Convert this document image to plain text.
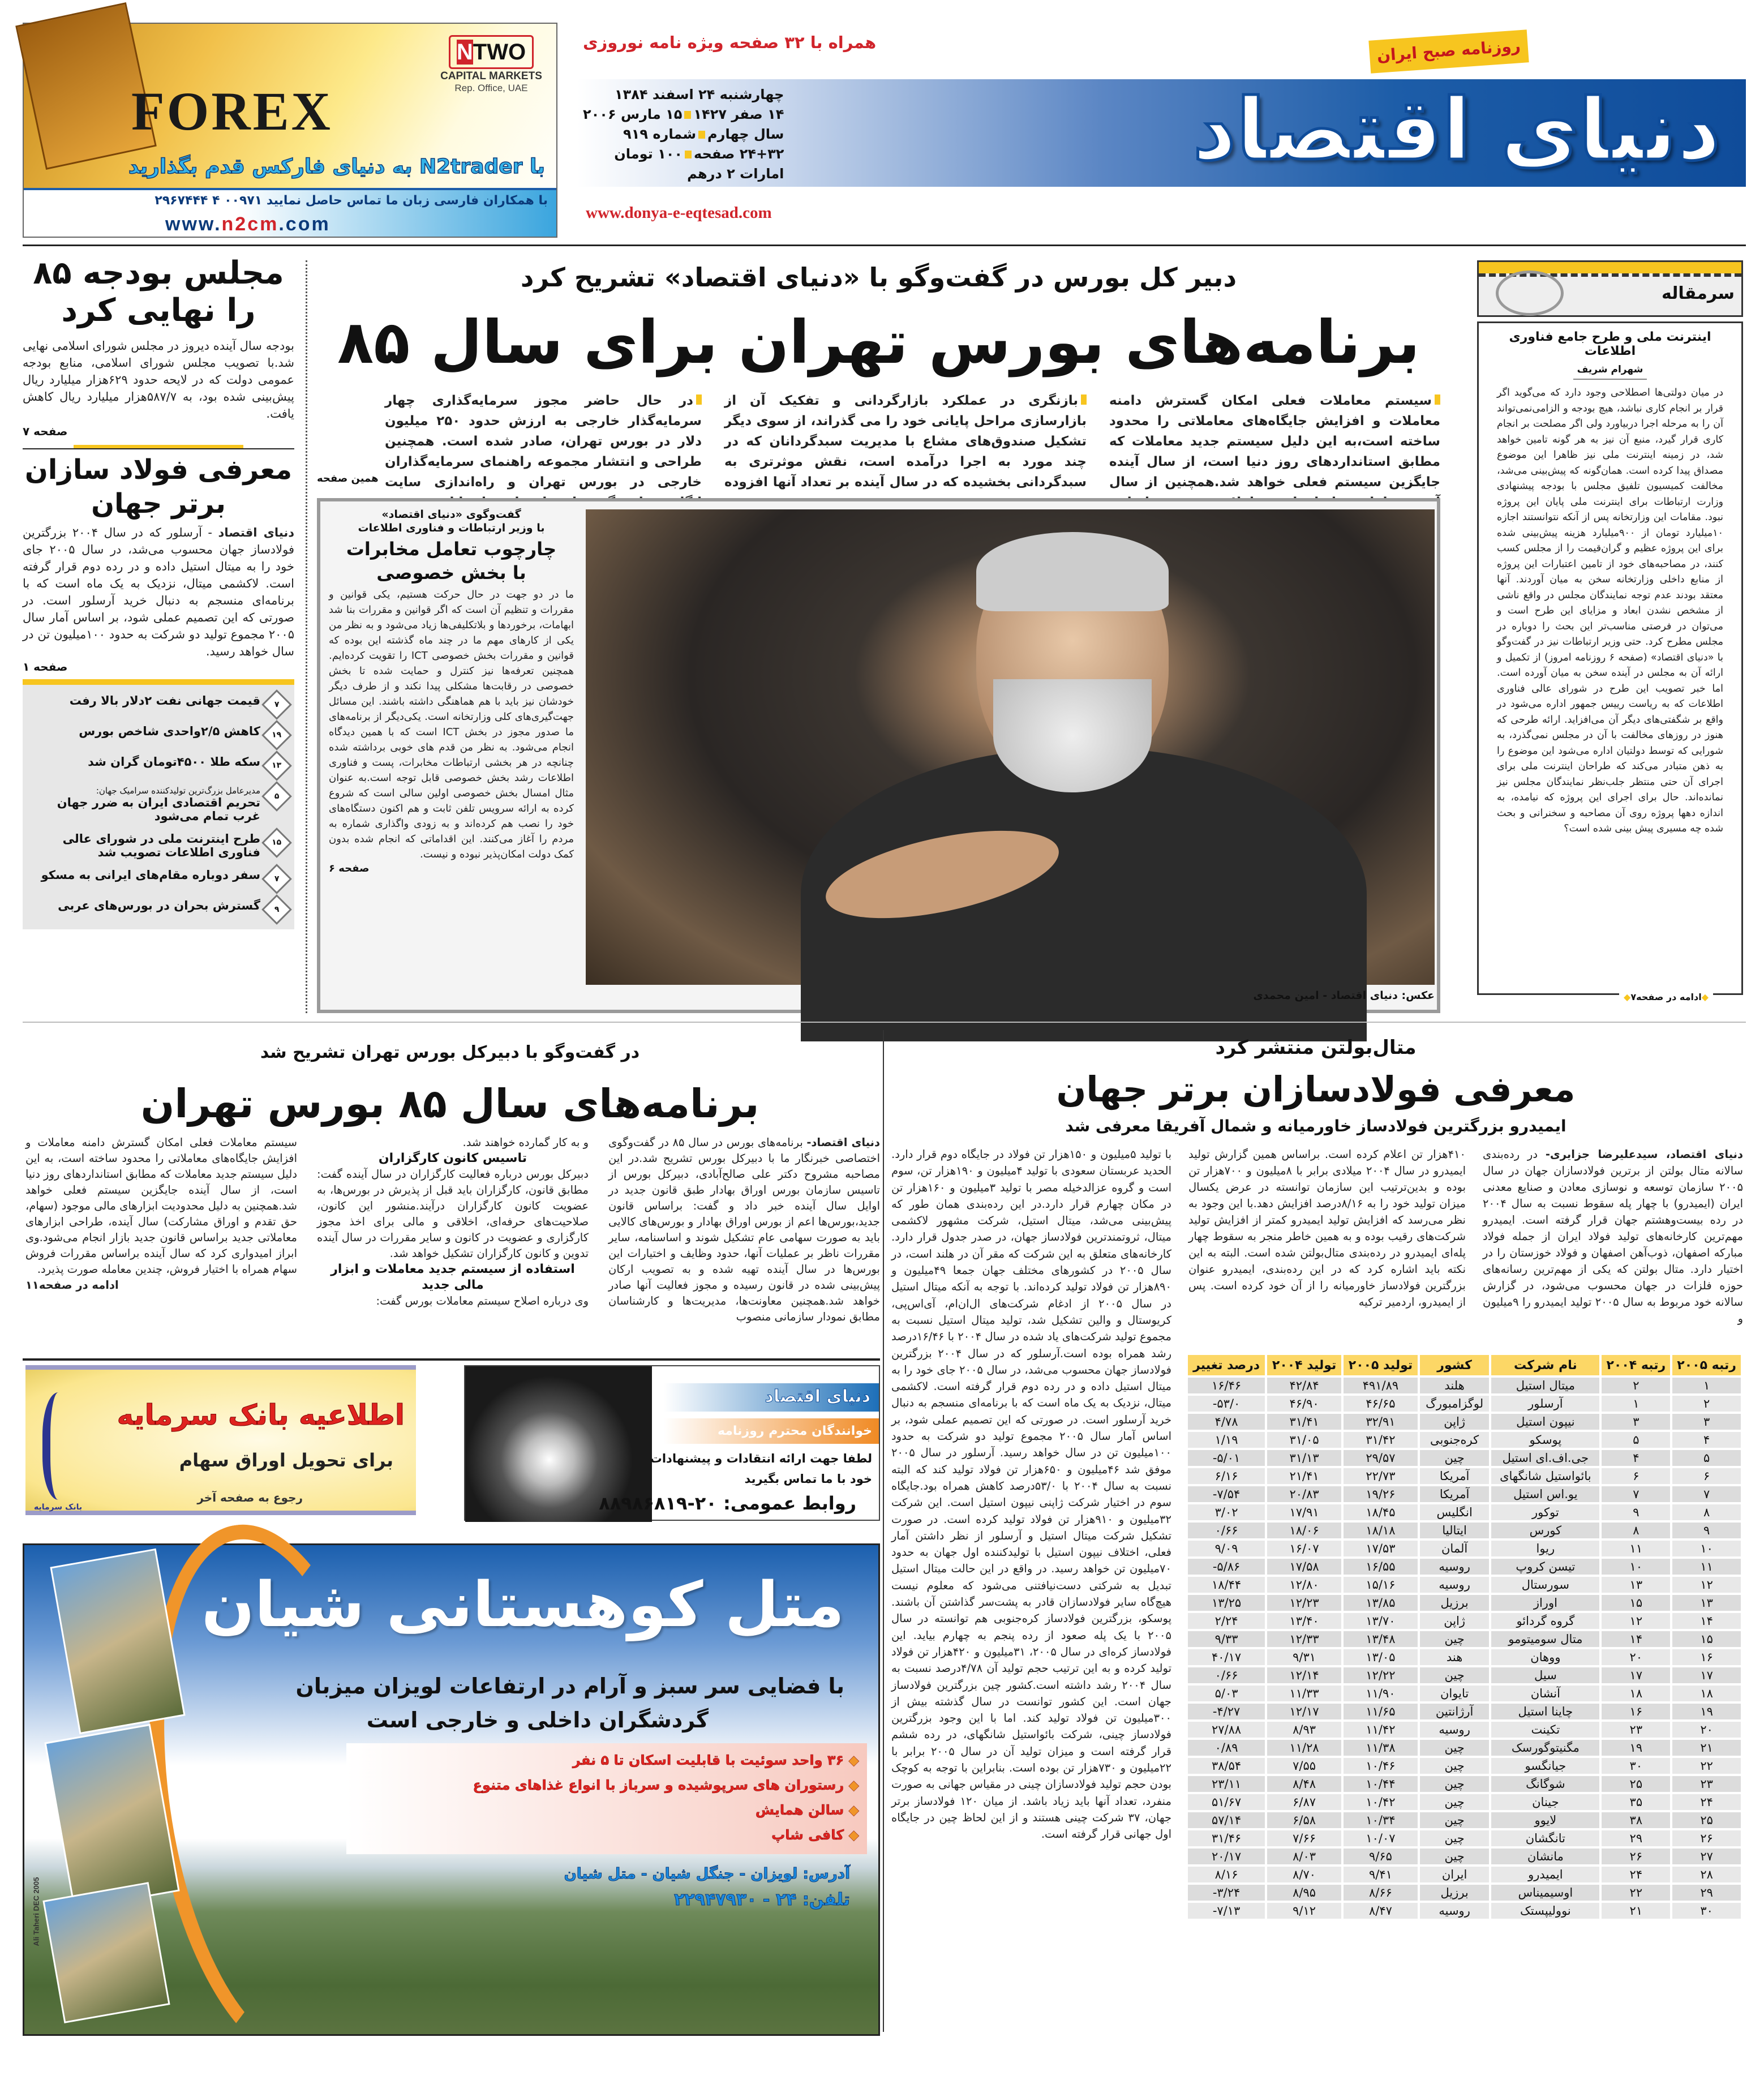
NTWO
CAPITAL MARKETS
Rep. Office, UAE
FOREX
با N2trader به دنیای فارکس قدم بگذارید
با همکاران فارسی زبان ما تماس حاصل نمایید ۰۰۹۷۱ ۴ ۲۹۶۷۴۴۴
www.n2cm.com
دنیای اقتصاد
روزنامه صبح ایران
همراه با ۳۲ صفحه ویژه نامه نوروزی
چهارشنبه ۲۴ اسفند ۱۳۸۴
۱۴ صفر ۱۴۲۷۱۵ مارس ۲۰۰۶
سال چهارمشماره ۹۱۹
۲۴+۳۲ صفحه۱۰۰ تومان
امارات ۲ درهم
www.donya-e-eqtesad.com
مجلس بودجه ۸۵ را نهایی کرد
بودجه سال آینده دیروز در مجلس شورای اسلامی نهایی شد.با تصویب مجلس شورای اسلامی، منابع بودجه عمومی دولت که در لایحه حدود ۶۲۹هزار میلیارد ریال پیش‌بینی شده بود، به ۵۸۷/۷هزار میلیارد ریال کاهش یافت.
صفحه ۷
معرفی فولاد سازان برتر جهان
دنیای اقتصاد - آرسلور که در سال ۲۰۰۴ بزرگترین فولادساز جهان محسوب می‌شد، در سال ۲۰۰۵ جای خود را به میتال استیل داده و در رده دوم قرار گرفته است. لاکشمی میتال، نزدیک به یک ماه است که با برنامه‌ای منسجم به دنبال خرید آرسلور است. در صورتی که این تصمیم عملی شود، بر اساس آمار سال ۲۰۰۵ مجموع تولید دو شرکت به حدود ۱۰۰میلیون تن در سال خواهد رسید.
صفحه ۱
۷
قیمت جهانی نفت ۲دلار بالا رفت
۱۹
کاهش ۲/۵واحدی شاخص بورس
۱۳
سکه طلا ۴۵۰۰تومان گران شد
۵
مدیرعامل بزرگ‌ترین تولیدکننده سرامیک جهان:
تحریم اقتصادی ایران به ضرر جهان غرب تمام می‌شود
۱۵
طرح اینترنت ملی در شورای عالی فناوری اطلاعات تصویب شد
۷
سفر دوباره مقام‌های ایرانی به مسکو
۹
گسترش بحران در بورس‌های عربی
دبیر کل بورس در گفت‌وگو با «دنیای اقتصاد» تشریح کرد
برنامه‌های بورس تهران برای سال ۸۵
سیستم معاملات فعلی امکان گسترش دامنه معاملات و افزایش جایگاه‌های معاملاتی را محدود ساخته است،به این دلیل سیستم جدید معاملات که مطابق استانداردهای روز دنیا است، از سال آینده جایگزین سیستم فعلی خواهد شد.همچنین از سال
بازنگری در عملکرد بازارگردانی و تفکیک آن از بازارسازی مراحل پایانی خود را می گذراند، از سوی دیگر تشکیل صندوق‌های مشاع با مدیریت سبدگردانان که در چند مورد به اجرا درآمده است، نقش موثرتری به سبدگردانی بخشیده که در سال آینده بر تعداد آنها افزوده
در حال حاضر مجوز سرمایه‌گذاری چهار سرمایه‌گذار خارجی به ارزش حدود ۲۵۰ میلیون دلار در بورس تهران، صادر شده است. همچنین طراحی و انتشار مجموعه راهنمای سرمایه‌گذاران خارجی در بورس تهران و راه‌اندازی سایت
همین صفحه
گفت‌وگوی «دنیای اقتصاد»
با وزیر ارتباطات و فناوری اطلاعات
چارچوب تعامل مخابرات با بخش خصوصی
ما در دو جهت در حال حرکت هستیم، یکی قوانین و مقررات و تنظیم آن است که اگر قوانین و مقررات بنا شد ابهامات، برخوردها و بلاتکلیفی‌ها زیاد می‌شود و به نظر من یکی از کارهای مهم ما در چند ماه گذشته این بوده که قوانین و مقررات بخش خصوصی ICT را تقویت کرده‌ایم. همچنین تعرفه‌ها نیز کنترل و حمایت شده تا بخش خصوصی در رقابت‌ها مشکلی پیدا نکند و از طرف دیگر خودشان نیز باید با هم هماهنگی داشته باشند. این مسائل جهت‌گیری‌های کلی وزارتخانه است. یکی‌دیگر از برنامه‌های ما صدور مجوز در بخش ICT است که با همین دیدگاه انجام می‌شود. به نظر من قدم های خوبی برداشته شده چنانچه در هر بخشی ارتباطات مخابرات، پست و فناوری اطلاعات رشد بخش خصوصی قابل توجه است.به عنوان مثال امسال بخش خصوصی اولین سالی است که شروع کرده به ارائه سرویس تلفن ثابت و هم اکنون دستگاه‌های خود را نصب هم کرده‌اند و به زودی واگذاری شماره به مردم را آغاز می‌کنند. این اقداماتی که انجام شده بدون کمک دولت امکان‌پذیر نبوده و نیست.
صفحه ۶
عکس: دنیای اقتصاد - امین محمدی
سرمقاله
اینترنت ملی و طرح جامع فناوری اطلاعات
شهرام شریف
در میان دولتی‌ها اصطلاحی وجود دارد که می‌گوید اگر قرار بر انجام کاری نباشد، هیچ بودجه و الزامی‌نمی‌تواند آن را به مرحله اجرا دربیاورد ولی اگر مصلحت بر انجام کاری قرار گیرد، منبع آن نیز به هر گونه تامین خواهد شد، در زمینه اینترنت ملی نیز ظاهرا این موضوع مصداق پیدا کرده است. همان‌گونه که پیش‌بینی می‌شد، مخالفت کمیسیون تلفیق مجلس با بودجه پیشنهادی وزارت ارتباطات برای اینترنت ملی پایان این پروژه نبود. مقامات این وزارتخانه پس از آنکه نتوانستند اجازه ۱۰میلیارد تومان از ۹۰۰میلیارد هزینه پیش‌بینی شده برای این پروژه عظیم و گران‌قیمت را از مجلس کسب کنند، در مصاحبه‌های خود از تامین اعتبارات این پروژه از منابع داخلی وزارتخانه سخن به میان آوردند. آنها معتقد بودند عدم توجه نمایندگان مجلس در واقع ناشی از مشخص نشدن ابعاد و مزایای این طرح است و می‌توان در فرصتی مناسب‌تر این بحث را دوباره در مجلس مطرح کرد. حتی وزیر ارتباطات نیز در گفت‌وگو با «دنیای اقتصاد» (صفحه ۶ روزنامه امروز) از تکمیل و ارائه آن به مجلس در آینده سخن به میان آورده است. اما خبر تصویب این طرح در شورای عالی فناوری اطلاعات که به ریاست رییس جمهور اداره می‌شود در واقع بر شگفتی‌های دیگر آن می‌افزاید. ارائه طرحی که هنوز در روزهای مخالفت با آن در مجلس نمی‌گذرد، به شورایی که توسط دولتیان اداره می‌شود این موضوع را به ذهن متبادر می‌کند که طراحان اینترنت ملی برای اجرای آن حتی منتظر جلب‌نظر نمایندگان مجلس نیز نمانده‌اند. حال برای اجرای این پروژه که نیامده، به اندازه دهها پروژه روی آن مصاحبه و سخنرانی و بحث شده چه مسیری پیش بینی شده است؟
◆ادامه در صفحه۷◆
در گفت‌وگو با دبیرکل بورس تهران تشریح شد
برنامه‌های سال ۸۵ بورس تهران
دنیای اقتصاد- برنامه‌های بورس در سال ۸۵ در گفت‌وگوی اختصاصی خبرنگار ما با دبیرکل بورس تشریح شد.در این مصاحبه مشروح دکتر علی صالح‌آبادی، دبیرکل بورس از تاسیس سازمان بورس اوراق بهادار طبق قانون جدید در اوایل سال آینده خبر داد و گفت: براساس قانون جدید،بورس‌ها اعم از بورس اوراق بهادار و بورس‌های کالایی باید به صورت سهامی عام تشکیل شوند و اساسنامه، سایر مقررات ناظر بر عملیات آنها، حدود وظایف و اختیارات این بورس‌ها در سال آینده تهیه شده و به تصویب ارکان پیش‌بینی شده در قانون رسیده و مجوز فعالیت آنها صادر خواهد شد.همچنین معاونت‌ها، مدیریت‌ها و کارشناسان مطابق نمودار سازمانی منصوب
و به کار گمارده خواهند شد.
تاسیس کانون کارگزاران
دبیرکل بورس درباره فعالیت کارگزاران در سال آینده گفت: مطابق قانون، کارگزاران باید قبل از پذیرش در بورس‌ها، به عضویت کانون کارگزاران درآیند.منشور این کانون، صلاحیت‌های حرفه‌ای، اخلاقی و مالی برای اخذ مجوز کارگزاری و عضویت در کانون و سایر مقررات در سال آینده تدوین و کانون کارگزاران تشکیل خواهد شد.
استفاده از سیستم جدید معاملات و ابزار مالی جدید
وی درباره اصلاح سیستم معاملات بورس گفت:
سیستم معاملات فعلی امکان گسترش دامنه معاملات و افزایش جایگاه‌های معاملاتی را محدود ساخته است، به این دلیل سیستم جدید معاملات که مطابق استانداردهای روز دنیا است، از سال آینده جایگزین سیستم فعلی خواهد شد.همچنین به دلیل محدودیت ابزارهای مالی موجود (سهام، حق تقدم و اوراق مشارکت) سال آینده، طراحی ابزارهای معاملاتی جدید براساس قانون جدید بازار انجام می‌شود.وی ابراز امیدواری کرد که سال آینده براساس مقررات فروش سهام همراه با اختیار فروش، چندین معامله صورت پذیرد.
ادامه در صفحه۱۱
بانک سرمایه
اطلاعیه بانک سرمایه
برای تحویل اوراق سهام
رجوع به صفحه آخر
دنیای اقتصاد
خوانندگان محترم روزنامه
لطفا جهت ارائه انتقادات و پیشنهادات
خود با ما تماس بگیرید
روابط عمومی: ۲۰-۸۸۹۸۶۸۱۹
متل کوهستانی شیان
با فضایی سر سبز و آرام در ارتفاعات لویزان میزبان
گردشگران داخلی و خارجی است
◆ ۳۶ واحد سوئیت با قابلیت اسکان تا ۵ نفر
◆ رستوران های سرپوشیده و سرباز با انواع غذاهای متنوع
◆ سالن همایش
◆ کافی شاپ
آدرس: لویزان - جنگل شیان - متل شیان
تلفن: ۲۴ - ۲۲۹۴۷۹۳۰
Ali Taheri DEC 2005
متال‌بولتن منتشر کرد
معرفی فولادسازان برتر جهان
ایمیدرو بزرگترین فولادساز خاورمیانه و شمال آفریقا معرفی شد
دنیای اقتصاد، سیدعلیرضا جزایری- در رده‌بندی سالانه متال بولتن از برترین فولادسازان جهان در سال ۲۰۰۵ سازمان توسعه و نوسازی معادن و صنایع معدنی ایران (ایمیدرو) با چهار پله سقوط نسبت به سال ۲۰۰۴ در رده بیست‌وهشتم جهان قرار گرفته است. ایمیدرو مهم‌ترین کارخانه‌های تولید فولاد ایران از جمله فولاد مبارکه اصفهان، ذوب‌آهن اصفهان و فولاد خوزستان را در اختیار دارد. متال بولتن که یکی از مهم‌ترین رسانه‌های حوزه فلزات در جهان محسوب می‌شود، در گزارش سالانه خود مربوط به سال ۲۰۰۵ تولید ایمیدرو را ۹میلیون و
۴۱۰هزار تن اعلام کرده است. براساس همین گزارش تولید ایمیدرو در سال ۲۰۰۴ میلادی برابر با ۸میلیون و ۷۰۰هزار تن بوده و بدین‌ترتیب این سازمان توانسته در عرض یکسال میزان تولید خود را به ۸/۱۶درصد افزایش دهد.با این وجود به نظر می‌رسد که افزایش تولید ایمیدرو کمتر از افزایش تولید شرکت‌های رقیب بوده و به همین خاطر منجر به سقوط چهار پله‌ای ایمیدرو در رده‌بندی متال‌بولتن شده است. البته به این نکته باید اشاره کرد که در این رده‌بندی، ایمیدرو عنوان بزرگترین فولادساز خاورمیانه را از آن خود کرده است. پس از ایمیدرو، اردمیر ترکیه
با تولید ۵میلیون و ۱۵۰هزار تن فولاد در جایگاه دوم قرار دارد. الحدید عربستان سعودی با تولید ۴میلیون و ۱۹۰هزار تن، سوم است و گروه عزالدخیله مصر با تولید ۳میلیون و ۱۶۰هزار تن در مکان چهارم قرار دارد.در این رده‌بندی همان طور که پیش‌بینی می‌شد، میتال استیل، شرکت مشهور لاکشمی میتال، ثروتمندترین فولادساز جهان، در صدر جدول قرار دارد. کارخانه‌های متعلق به این شرکت که مقر آن در هلند است، در سال ۲۰۰۵ در کشورهای مختلف جهان جمعا ۴۹میلیون و ۸۹۰هزار تن فولاد تولید کرده‌اند. با توجه به آنکه میتال استیل در سال ۲۰۰۵ از ادغام شرکت‌های ال‌ان‌ام، آی‌اس‌پی، کریوستال و والین تشکیل شد، تولید میتال استیل نسبت به مجموع تولید شرکت‌های یاد شده در سال ۲۰۰۴ با ۱۶/۴۶درصد رشد همراه بوده است.آرسلور که در سال ۲۰۰۴ بزرگترین فولادساز جهان محسوب می‌شد، در سال ۲۰۰۵ جای خود را به میتال استیل داده و در رده دوم قرار گرفته است. لاکشمی میتال، نزدیک به یک ماه است که با برنامه‌ای منسجم به دنبال خرید آرسلور است. در صورتی که این تصمیم عملی شود، بر اساس آمار سال ۲۰۰۵ مجموع تولید دو شرکت به حدود ۱۰۰میلیون تن در سال خواهد رسید. آرسلور در سال ۲۰۰۵ موفق شد ۴۶میلیون و ۶۵۰هزار تن فولاد تولید کند که البته نسبت به سال ۲۰۰۴ با ۵۳/۰درصد کاهش همراه بود.جایگاه سوم در اختیار شرکت ژاپنی نیپون استیل است. این شرکت ۳۲میلیون و ۹۱۰هزار تن فولاد تولید کرده است. در صورت تشکیل شرکت میتال استیل و آرسلور از نظر داشتن آمار فعلی، اختلاف نیپون استیل با تولیدکننده اول جهان به حدود ۷۰میلیون تن خواهد رسید. در واقع در این حالت میتال استیل تبدیل به شرکتی دست‌نیافتنی می‌شود که معلوم نیست هیچ‌گاه سایر فولادسازان قادر به پشت‌سر گذاشتن آن باشند. پوسکو، بزرگترین فولادساز کره‌جنوبی هم توانسته در سال ۲۰۰۵ با یک پله صعود از رده پنجم به چهارم بیاید. این فولادساز کره‌ای در سال ۲۰۰۵، ۳۱میلیون و ۴۲۰هزار تن فولاد تولید کرده و به این ترتیب حجم تولید آن ۴/۷۸درصد نسبت به سال ۲۰۰۴ رشد داشته است.کشور چین بزرگترین فولادساز جهان است. این کشور توانست در سال گذشته بیش از ۳۰۰میلیون تن فولاد تولید کند. اما با این وجود بزرگترین فولادساز چینی، شرکت بائواستیل شانگهای، در رده ششم قرار گرفته است و میزان تولید آن در سال ۲۰۰۵ برابر با ۲۲میلیون و ۷۳۰هزار تن بوده است. بنابراین با توجه به کوچک بودن حجم تولید فولادسازان چینی در مقیاس جهانی به صورت منفرد، تعداد آنها باید زیاد باشد. از میان ۱۲۰ فولادساز برتر جهان، ۳۷ شرکت چینی هستند و از این لحاظ چین در جایگاه اول جهانی قرار گرفته است.
رتبه ۲۰۰۵	رتبه ۲۰۰۴	نام شرکت	کشور	تولید ۲۰۰۵	تولید ۲۰۰۴	درصد تغییر
۱	۲	میتال استیل	هلند	۴۹۱/۸۹	۴۲/۸۴	۱۶/۴۶
۲	۱	آرسلور	لوگزامبورگ	۴۶/۶۵	۴۶/۹۰	-۵۳/۰
۳	۳	نیپون استیل	ژاپن	۳۲/۹۱	۳۱/۴۱	۴/۷۸
۴	۵	پوسکو	کره‌جنوبی	۳۱/۴۲	۳۱/۰۵	۱/۱۹
۵	۴	جی.اف.ای استیل	چین	۲۹/۵۷	۳۱/۱۳	-۵/۰۱
۶	۶	بائواستیل شانگهای	آمریکا	۲۲/۷۳	۲۱/۴۱	۶/۱۶
۷	۷	یو.اس استیل	آمریکا	۱۹/۲۶	۲۰/۸۳	-۷/۵۴
۸	۹	توکور	انگلیس	۱۸/۴۵	۱۷/۹۱	۳/۰۲
۹	۸	کورس	ایتالیا	۱۸/۱۸	۱۸/۰۶	۰/۶۶
۱۰	۱۱	ریوا	آلمان	۱۷/۵۳	۱۶/۰۷	۹/۰۹
۱۱	۱۰	تیسن کروپ	روسیه	۱۶/۵۵	۱۷/۵۸	-۵/۸۶
۱۲	۱۳	سورستال	روسیه	۱۵/۱۶	۱۲/۸۰	۱۸/۴۴
۱۳	۱۵	اوراز	برزیل	۱۳/۸۵	۱۲/۲۳	۱۳/۲۵
۱۴	۱۲	گروه گردائو	ژاپن	۱۳/۷۰	۱۳/۴۰	۲/۲۴
۱۵	۱۴	متال سومیتومو	چین	۱۳/۴۸	۱۲/۳۳	۹/۳۳
۱۶	۲۰	ووهان	هند	۱۳/۰۵	۹/۳۱	۴۰/۱۷
۱۷	۱۷	سیل	چین	۱۲/۲۲	۱۲/۱۴	۰/۶۶
۱۸	۱۸	آنشان	تایوان	۱۱/۹۰	۱۱/۳۳	۵/۰۳
۱۹	۱۶	چاینا استیل	آرژانتین	۱۱/۶۵	۱۲/۱۷	-۴/۲۷
۲۰	۲۳	تکینت	روسیه	۱۱/۴۲	۸/۹۳	۲۷/۸۸
۲۱	۱۹	مگنیتوگورسک	چین	۱۱/۳۸	۱۱/۲۸	۰/۸۹
۲۲	۳۰	جیانگسو	چین	۱۰/۴۶	۷/۵۵	۳۸/۵۴
۲۳	۲۵	شوگانگ	چین	۱۰/۴۴	۸/۴۸	۲۳/۱۱
۲۴	۳۵	جینان	چین	۱۰/۴۲	۶/۸۷	۵۱/۶۷
۲۵	۳۸	لایوو	چین	۱۰/۳۴	۶/۵۸	۵۷/۱۴
۲۶	۲۹	تانگشان	چین	۱۰/۰۷	۷/۶۶	۳۱/۴۶
۲۷	۲۶	مانشان	چین	۹/۶۵	۸/۰۳	۲۰/۱۷
۲۸	۲۴	ایمیدرو	ایران	۹/۴۱	۸/۷۰	۸/۱۶
۲۹	۲۲	اوسیمیناس	برزیل	۸/۶۶	۸/۹۵	-۳/۲۴
۳۰	۲۱	نوولیپستک	روسیه	۸/۴۷	۹/۱۲	-۷/۱۳
